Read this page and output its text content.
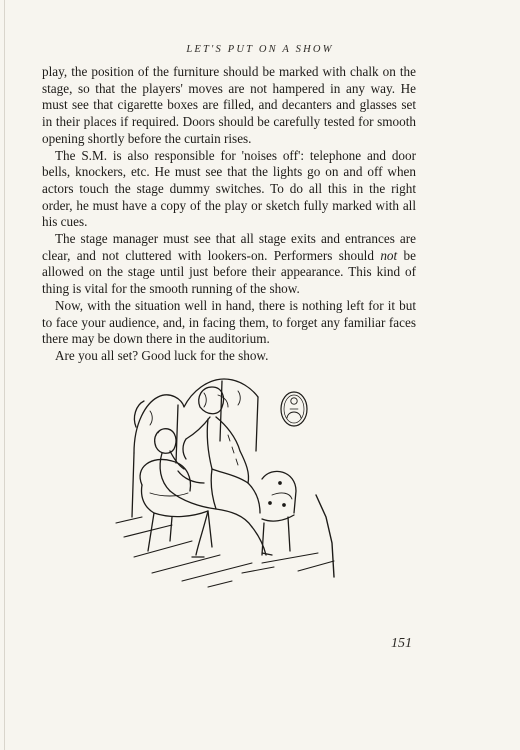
LET'S PUT ON A SHOW

play, the position of the furniture should be marked with chalk on the stage, so that the players' moves are not hampered in any way. He must see that cigarette boxes are filled, and decanters and glasses set in their places if required. Doors should be carefully tested for smooth opening shortly before the curtain rises.

The S.M. is also responsible for 'noises off': telephone and door bells, knockers, etc. He must see that the lights go on and off when actors touch the stage dummy switches. To do all this in the right order, he must have a copy of the play or sketch fully marked with all his cues.

The stage manager must see that all stage exits and entrances are clear, and not cluttered with lookers-on. Performers should not be allowed on the stage until just before their appearance. This kind of thing is vital for the smooth running of the show.

Now, with the situation well in hand, there is nothing left for it but to face your audience, and, in facing them, to forget any familiar faces there may be down there in the auditorium.

Are you all set? Good luck for the show.

151
